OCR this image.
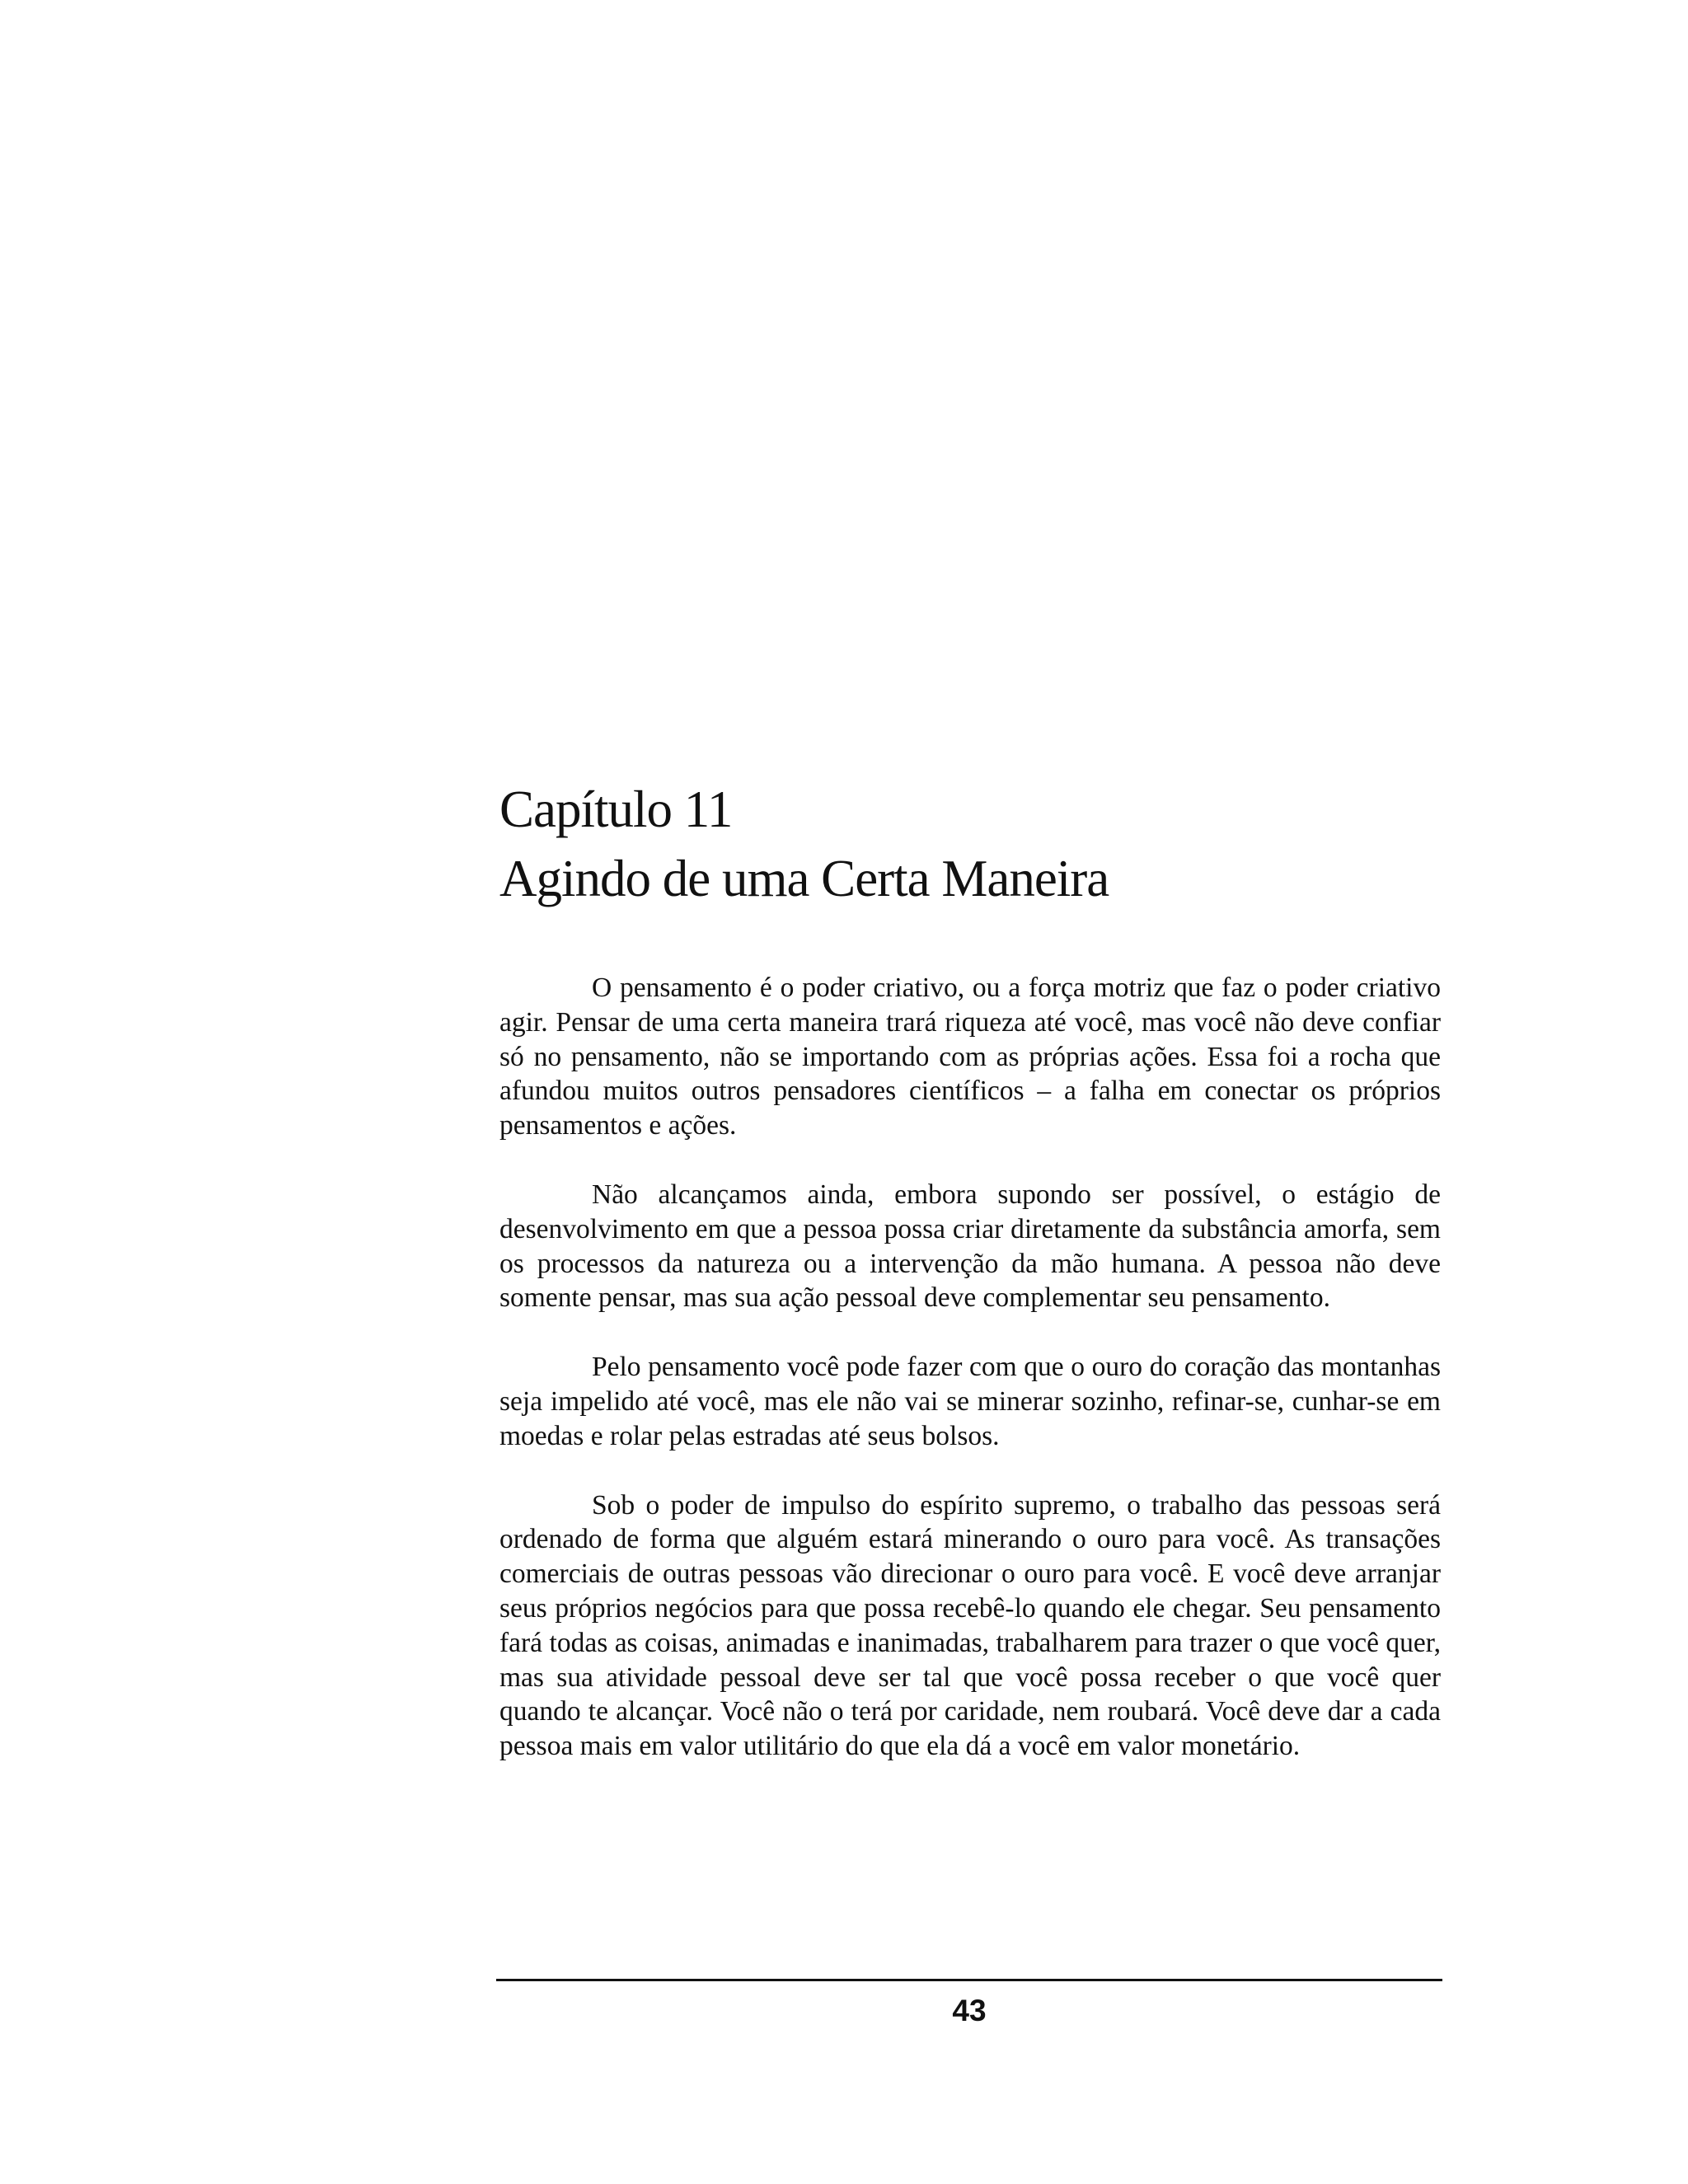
Capítulo 11
Agindo de uma Certa Maneira

O pensamento é o poder criativo, ou a força motriz que faz o poder criativo agir. Pensar de uma certa maneira trará riqueza até você, mas você não deve confiar só no pensamento, não se importando com as próprias ações. Essa foi a rocha que afundou muitos outros pensadores científicos – a falha em conectar os próprios pensamentos e ações.

Não alcançamos ainda, embora supondo ser possível, o estágio de desenvolvimento em que a pessoa possa criar diretamente da substância amorfa, sem os processos da natureza ou a intervenção da mão humana. A pessoa não deve somente pensar, mas sua ação pessoal deve complementar seu pensamento.

Pelo pensamento você pode fazer com que o ouro do coração das montanhas seja impelido até você, mas ele não vai se minerar sozinho, refinar-se, cunhar-se em moedas e rolar pelas estradas até seus bolsos.

Sob o poder de impulso do espírito supremo, o trabalho das pessoas será ordenado de forma que alguém estará minerando o ouro para você. As transações comerciais de outras pessoas vão direcionar o ouro para você. E você deve arranjar seus próprios negócios para que possa recebê-lo quando ele chegar. Seu pensamento fará todas as coisas, animadas e inanimadas, trabalharem para trazer o que você quer, mas sua atividade pessoal deve ser tal que você possa receber o que você quer quando te alcançar. Você não o terá por caridade, nem roubará. Você deve dar a cada pessoa mais em valor utilitário do que ela dá a você em valor monetário.

43
